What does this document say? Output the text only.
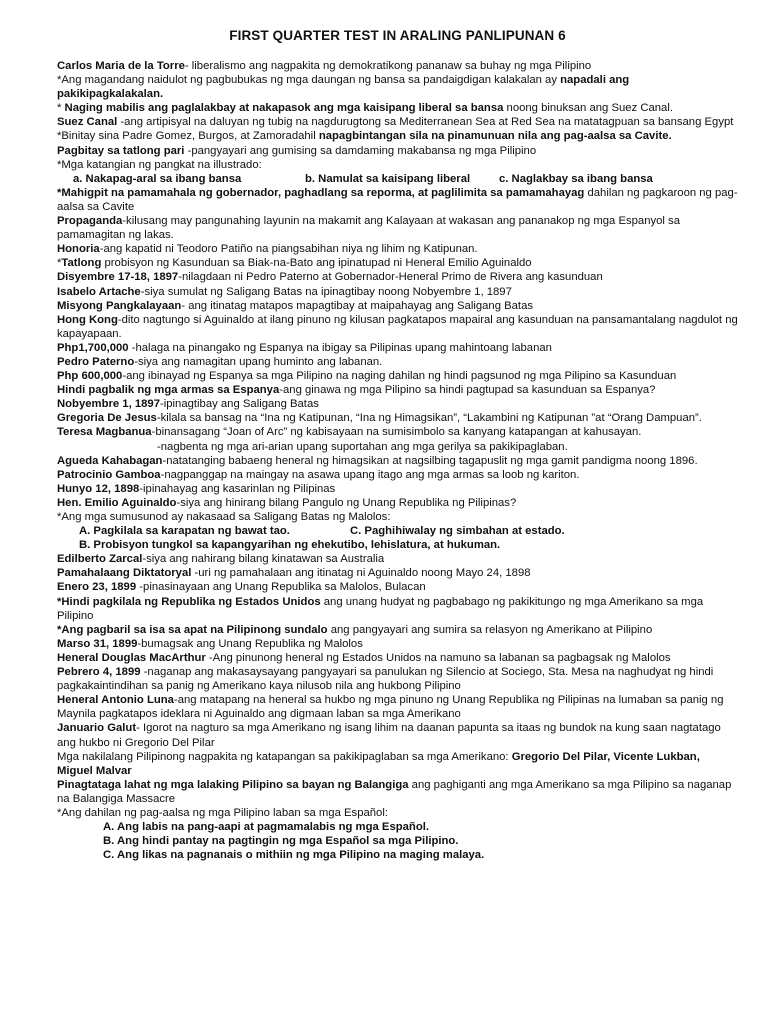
FIRST QUARTER TEST IN ARALING PANLIPUNAN 6

Carlos Maria de la Torre- liberalismo ang nagpakita ng demokratikong pananaw sa buhay ng mga Pilipino

*Ang magandang naidulot ng pagbubukas ng mga daungan ng bansa sa pandaigdigan kalakalan ay napadali ang pakikipagkalakalan.

* Naging mabilis ang paglalakbay at nakapasok ang mga kaisipang liberal sa bansa noong binuksan ang Suez Canal.

Suez Canal -ang artipisyal na daluyan ng tubig na nagdurugtong sa Mediterranean Sea at Red Sea na matatagpuan sa bansang Egypt

*Binitay sina Padre Gomez, Burgos, at Zamoradahil napagbintangan sila na pinamunuan nila ang pag-aalsa sa Cavite.

Pagbitay sa tatlong pari -pangyayari ang gumising sa damdaming makabansa ng mga Pilipino

*Mga katangian ng pangkat na illustrado:

a. Nakapag-aral sa ibang bansa	b. Namulat sa kaisipang liberal	c. Naglakbay sa ibang bansa

*Mahigpit na pamamahala ng gobernador, paghadlang sa reporma, at paglilimita sa pamamahayag dahilan ng pagkaroon ng pag-aalsa sa Cavite

Propaganda-kilusang may pangunahing layunin na makamit ang Kalayaan at wakasan ang pananakop ng mga Espanyol sa pamamagitan ng lakas.

Honoria-ang kapatid ni Teodoro Patiño na piangsabihan niya ng lihim ng Katipunan.

*Tatlong probisyon ng Kasunduan sa Biak-na-Bato ang ipinatupad ni Heneral Emilio Aguinaldo

Disyembre 17-18, 1897-nilagdaan ni Pedro Paterno at Gobernador-Heneral Primo de Rivera ang kasunduan

Isabelo Artache-siya sumulat ng Saligang Batas na ipinagtibay noong Nobyembre 1, 1897

Misyong Pangkalayaan- ang itinatag matapos mapagtibay at maipahayag ang Saligang Batas

Hong Kong-dito nagtungo si Aguinaldo at ilang pinuno ng kilusan pagkatapos mapairal ang kasunduan na pansamantalang nagdulot ng kapayapaan.

Php1,700,000 -halaga na pinangako ng Espanya na ibigay sa Pilipinas upang mahintoang labanan

Pedro Paterno-siya ang namagitan upang huminto ang labanan.

Php 600,000-ang ibinayad ng Espanya sa mga Pilipino na naging dahilan ng hindi pagsunod ng mga Pilipino sa Kasunduan

Hindi pagbalik ng mga armas sa Espanya-ang ginawa ng mga Pilipino sa hindi pagtupad sa kasunduan sa Espanya?

Nobyembre 1, 1897-ipinagtibay ang Saligang Batas

Gregoria De Jesus-kilala sa bansag na “Ina ng Katipunan, “Ina ng Himagsikan”, “Lakambini ng Katipunan ”at “Orang Dampuan”.

Teresa Magbanua-binansagang “Joan of Arc” ng kabisayaan na sumisimbolo sa kanyang katapangan at kahusayan.

-nagbenta ng mga ari-arian upang suportahan ang mga gerilya sa pakikipaglaban.

Agueda Kahabagan-natatanging babaeng heneral ng himagsikan at nagsilbing tagapuslit ng mga gamit pandigma noong 1896.

Patrocinio Gamboa-nagpanggap na maingay na asawa upang itago ang mga armas sa loob ng kariton.

Hunyo 12, 1898-ipinahayag ang kasarinlan ng Pilipinas

Hen. Emilio Aguinaldo-siya ang hinirang bilang Pangulo ng Unang Republika ng Pilipinas?

*Ang mga sumusunod ay nakasaad sa Saligang Batas ng Malolos:

A. Pagkilala sa karapatan ng bawat tao.	C. Paghihiwalay ng simbahan at estado.

B. Probisyon tungkol sa kapangyarihan ng ehekutibo, lehislatura, at hukuman.

Edilberto Zarcal-siya ang nahirang bilang kinatawan sa Australia

Pamahalaang Diktatoryal -uri ng pamahalaan ang itinatag ni Aguinaldo noong Mayo 24, 1898

Enero 23, 1899 -pinasinayaan ang Unang Republika sa Malolos, Bulacan

*Hindi pagkilala ng Republika ng Estados Unidos ang unang hudyat ng pagbabago ng pakikitungo ng mga Amerikano sa mga Pilipino

*Ang pagbaril sa isa sa apat na Pilipinong sundalo ang pangyayari ang sumira sa relasyon ng Amerikano at Pilipino

Marso 31, 1899-bumagsak ang Unang Republika ng Malolos

Heneral Douglas MacArthur -Ang pinunong heneral ng Estados Unidos na namuno sa labanan sa pagbagsak ng Malolos

Pebrero 4, 1899 -naganap ang makasaysayang pangyayari sa panulukan ng Silencio at Sociego, Sta. Mesa na naghudyat ng hindi pagkakaintindihan sa panig ng Amerikano kaya nilusob nila ang hukbong Pilipino

Heneral Antonio Luna-ang matapang na heneral sa hukbo ng mga pinuno ng Unang Republika ng Pilipinas na lumaban sa panig ng Maynila pagkatapos ideklara ni Aguinaldo ang digmaan laban sa mga Amerikano

Januario Galut- Igorot na nagturo sa mga Amerikano ng isang lihim na daanan papunta sa itaas ng bundok na kung saan nagtatago ang hukbo ni Gregorio Del Pilar

Mga nakilalang Pilipinong nagpakita ng katapangan sa pakikipaglaban sa mga Amerikano: Gregorio Del Pilar, Vicente Lukban, Miguel Malvar

Pinagtataga lahat ng mga lalaking Pilipino sa bayan ng Balangiga ang paghiganti ang mga Amerikano sa mga Pilipino sa naganap na Balangiga Massacre

*Ang dahilan ng pag-aalsa ng mga Pilipino laban sa mga Español:

A. Ang labis na pang-aapi at pagmamalabis ng mga Español.

B. Ang hindi pantay na pagtingin ng mga Español sa mga Pilipino.

C. Ang likas na pagnanais o mithiin ng mga Pilipino na maging malaya.
